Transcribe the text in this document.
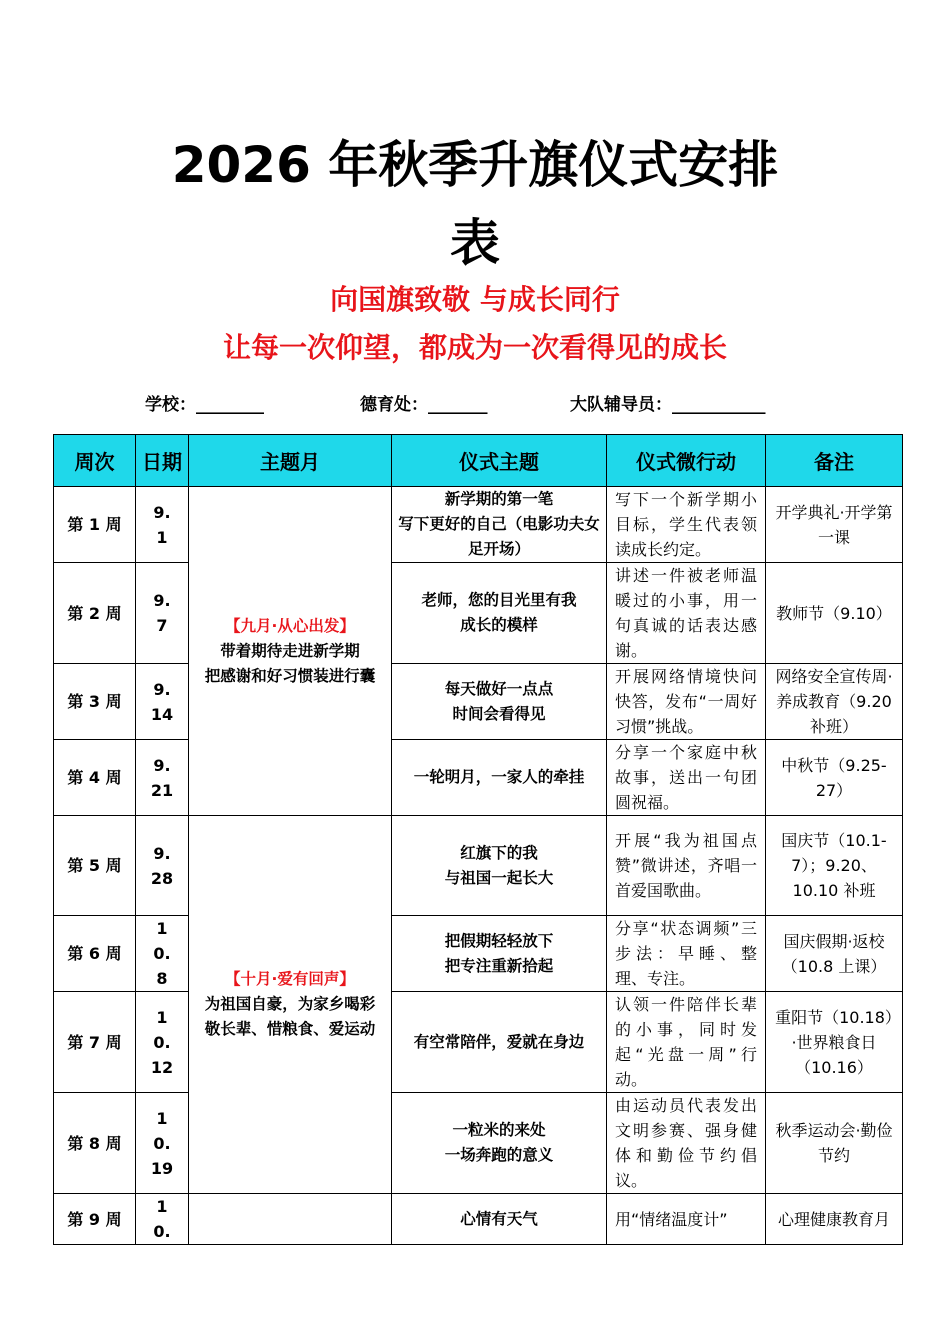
2026 年秋季升旗仪式安排
表
向国旗致敬 与成长同行
让每一次仰望，都成为一次看得见的成长
学校：________	德育处：_______	大队辅导员：___________
周次	日期	主题月	仪式主题	仪式微行动	备注
第 1 周	9.1	【九月·从心出发】
带着期待走进新学期
把感谢和好习惯装进行囊	新学期的第一笔
写下更好的自己（电影功夫女足开场）	写下一个新学期小目标，学生代表领读成长约定。	开学典礼·开学第一课
第 2 周	9.7		老师，您的目光里有我
成长的模样	讲述一件被老师温暖过的小事，用一句真诚的话表达感谢。	教师节（9.10）
第 3 周	9.14		每天做好一点点
时间会看得见	开展网络情境快问快答，发布“一周好习惯”挑战。	网络安全宣传周·养成教育（9.20 补班）
第 4 周	9.21		一轮明月，一家人的牵挂	分享一个家庭中秋故事，送出一句团圆祝福。	中秋节（9.25-27）
第 5 周	9.28	【十月·爱有回声】
为祖国自豪，为家乡喝彩
敬长辈、惜粮食、爱运动	红旗下的我
与祖国一起长大	开展“我为祖国点赞”微讲述，齐唱一首爱国歌曲。	国庆节（10.1-7）；9.20、10.10 补班
第 6 周	10.8		把假期轻轻放下
把专注重新拾起	分享“状态调频”三步法：早睡、整理、专注。	国庆假期·返校（10.8 上课）
第 7 周	10.12		有空常陪伴，爱就在身边	认领一件陪伴长辈的小事，同时发起“光盘一周”行动。	重阳节（10.18）·世界粮食日（10.16）
第 8 周	10.19		一粒米的来处
一场奔跑的意义	由运动员代表发出文明参赛、强身健体和勤俭节约倡议。	秋季运动会·勤俭节约
第 9 周	10.		心情有天气	用“情绪温度计”	心理健康教育月
